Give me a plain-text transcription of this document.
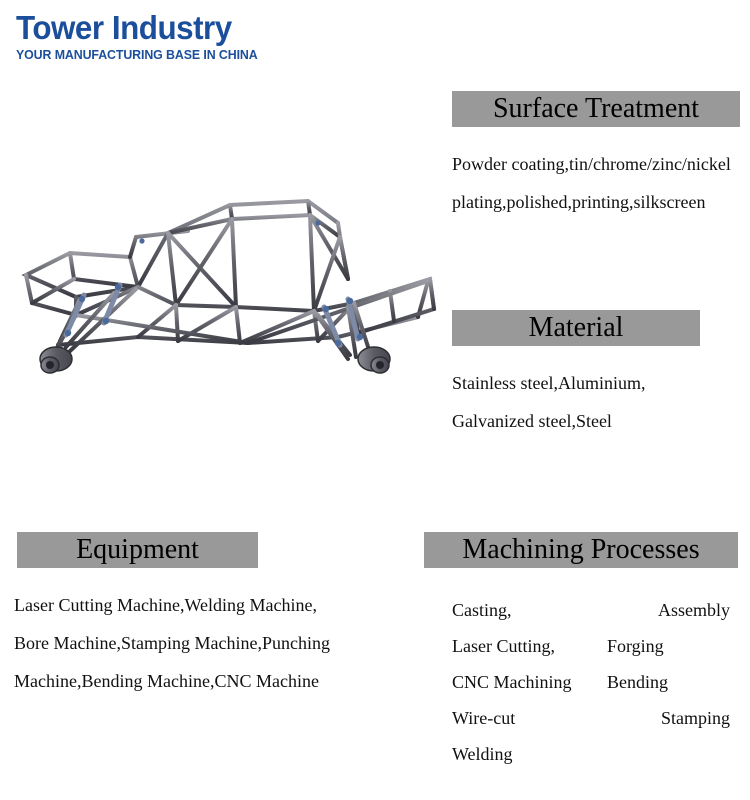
Tower Industry
YOUR MANUFACTURING BASE IN CHINA
Surface Treatment
Powder coating,tin/chrome/zinc/nickel
plating,polished,printing,silkscreen
Material
Stainless steel,Aluminium,
Galvanized steel,Steel
Equipment
Laser Cutting Machine,Welding Machine,
Bore Machine,Stamping Machine,Punching
Machine,Bending Machine,CNC Machine
Machining Processes
Casting,	Assembly
Laser Cutting,	Forging
CNC Machining	Bending
Wire-cut	Stamping
Welding
